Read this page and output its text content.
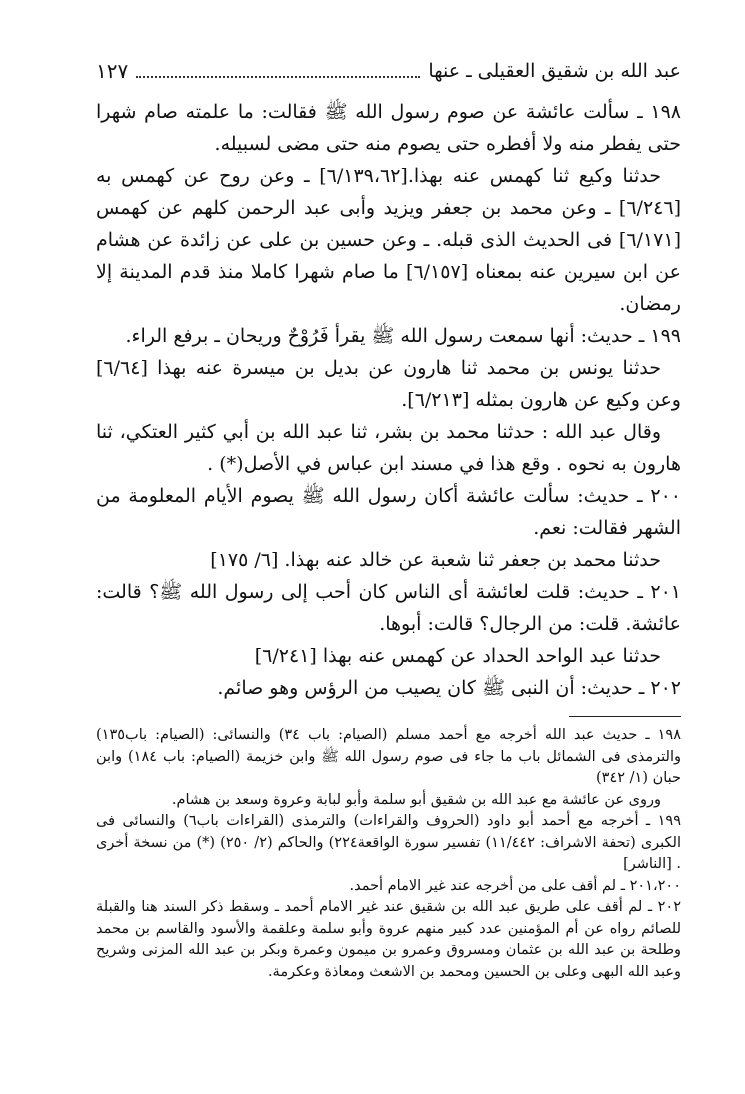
عبد الله بن شقيق العقيلى ـ عنها
١٢٧

١٩٨ ـ سألت عائشة عن صوم رسول الله ﷺ فقالت: ما علمته صام شهرا حتى يفطر منه ولا أفطره حتى يصوم منه حتى مضى لسبيله.

حدثنا وكيع ثنا كهمس عنه بهذا.[٦/١٣٩،٦٢] ـ وعن روح عن كهمس به [٦/٢٤٦] ـ وعن محمد بن جعفر ويزيد وأبى عبد الرحمن كلهم عن كهمس [٦/١٧١] فى الحديث الذى قبله. ـ وعن حسين بن على عن زائدة عن هشام عن ابن سيرين عنه بمعناه [٦/١٥٧] ما صام شهرا كاملا منذ قدم المدينة إلا رمضان.

١٩٩ ـ حديث: أنها سمعت رسول الله ﷺ يقرأ فَرُوْحٌ وريحان ـ برفع الراء.

حدثنا يونس بن محمد ثنا هارون عن بديل بن ميسرة عنه بهذا [٦/٦٤] وعن وكيع عن هارون بمثله [٦/٢١٣].

وقال عبد الله : حدثنا محمد بن بشر، ثنا عبد الله بن أبي كثير العتكي، ثنا هارون به نحوه . وقع هذا في مسند ابن عباس في الأصل(*) .

٢٠٠ ـ حديث: سألت عائشة أكان رسول الله ﷺ يصوم الأيام المعلومة من الشهر فقالت: نعم.

حدثنا محمد بن جعفر ثنا شعبة عن خالد عنه بهذا. [٦/ ١٧٥]

٢٠١ ـ حديث: قلت لعائشة أى الناس كان أحب إلى رسول الله ﷺ؟ قالت: عائشة. قلت: من الرجال؟ قالت: أبوها.

حدثنا عبد الواحد الحداد عن كهمس عنه بهذا [٦/٢٤١]

٢٠٢ ـ حديث: أن النبى ﷺ كان يصيب من الرؤس وهو صائم.

١٩٨ ـ حديث عبد الله أخرجه مع أحمد مسلم (الصيام: باب ٣٤) والنسائى: (الصيام: باب١٣٥) والترمذى فى الشمائل باب ما جاء فى صوم رسول الله ﷺ وابن خزيمة (الصيام: باب ١٨٤) وابن حبان (١/ ٣٤٢)

وروى عن عائشة مع عبد الله بن شقيق أبو سلمة وأبو لبابة وعروة وسعد بن هشام.

١٩٩ ـ أخرجه مع أحمد أبو داود (الحروف والقراءات) والترمذى (القراءات باب٦) والنسائى فى الكبرى (تحفة الاشراف: ١١/٤٤٢) تفسير سورة الواقعة٢٢٤) والحاكم (٢/ ٢٥٠) (*) من نسخة أخرى . [الناشر]

٢٠١،٢٠٠ ـ لم أقف على من أخرجه عند غير الامام أحمد.

٢٠٢ ـ لم أقف على طريق عبد الله بن شقيق عند غير الامام أحمد ـ وسقط ذكر السند هنا والقبلة للصائم رواه عن أم المؤمنين عدد كبير منهم عروة وأبو سلمة وعلقمة والأسود والقاسم بن محمد وطلحة بن عبد الله بن عثمان ومسروق وعمرو بن ميمون وعمرة وبكر بن عبد الله المزنى وشريح وعبد الله البهى وعلى بن الحسين ومحمد بن الاشعث ومعاذة وعكرمة.
